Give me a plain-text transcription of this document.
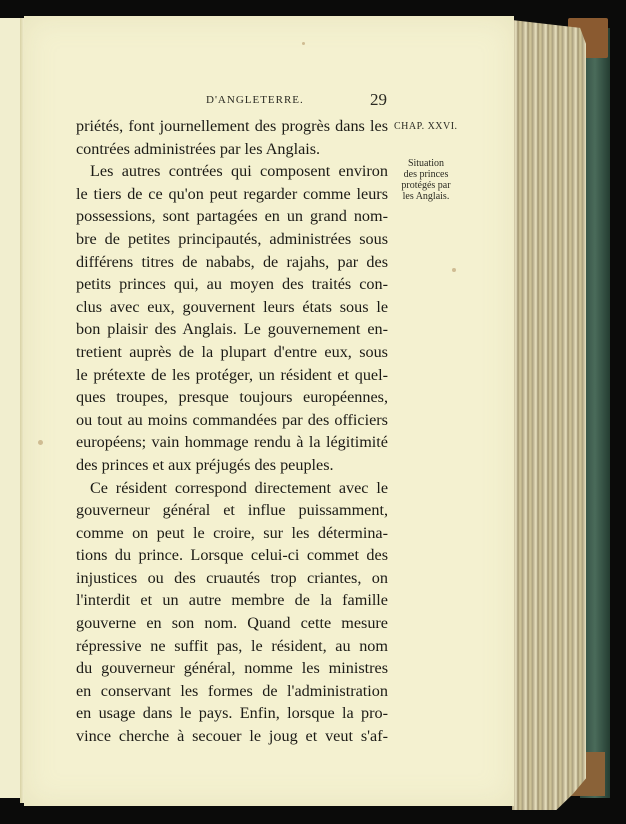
D'ANGLETERRE.	29
CHAP. XXVI.
Situation
des princes
protégés par
les Anglais.
priétés, font journellement des progrès dans les
contrées administrées par les Anglais.
Les autres contrées qui composent environ
le tiers de ce qu'on peut regarder comme leurs
possessions, sont partagées en un grand nom-
bre de petites principautés, administrées sous
différens titres de nababs, de rajahs, par des
petits princes qui, au moyen des traités con-
clus avec eux, gouvernent leurs états sous le
bon plaisir des Anglais. Le gouvernement en-
tretient auprès de la plupart d'entre eux, sous
le prétexte de les protéger, un résident et quel-
ques troupes, presque toujours européennes,
ou tout au moins commandées par des officiers
européens; vain hommage rendu à la légitimité
des princes et aux préjugés des peuples.
Ce résident correspond directement avec le
gouverneur général et influe puissamment,
comme on peut le croire, sur les détermina-
tions du prince. Lorsque celui-ci commet des
injustices ou des cruautés trop criantes, on
l'interdit et un autre membre de la famille
gouverne en son nom. Quand cette mesure
répressive ne suffit pas, le résident, au nom
du gouverneur général, nomme les ministres
en conservant les formes de l'administration
en usage dans le pays. Enfin, lorsque la pro-
vince cherche à secouer le joug et veut s'af-
